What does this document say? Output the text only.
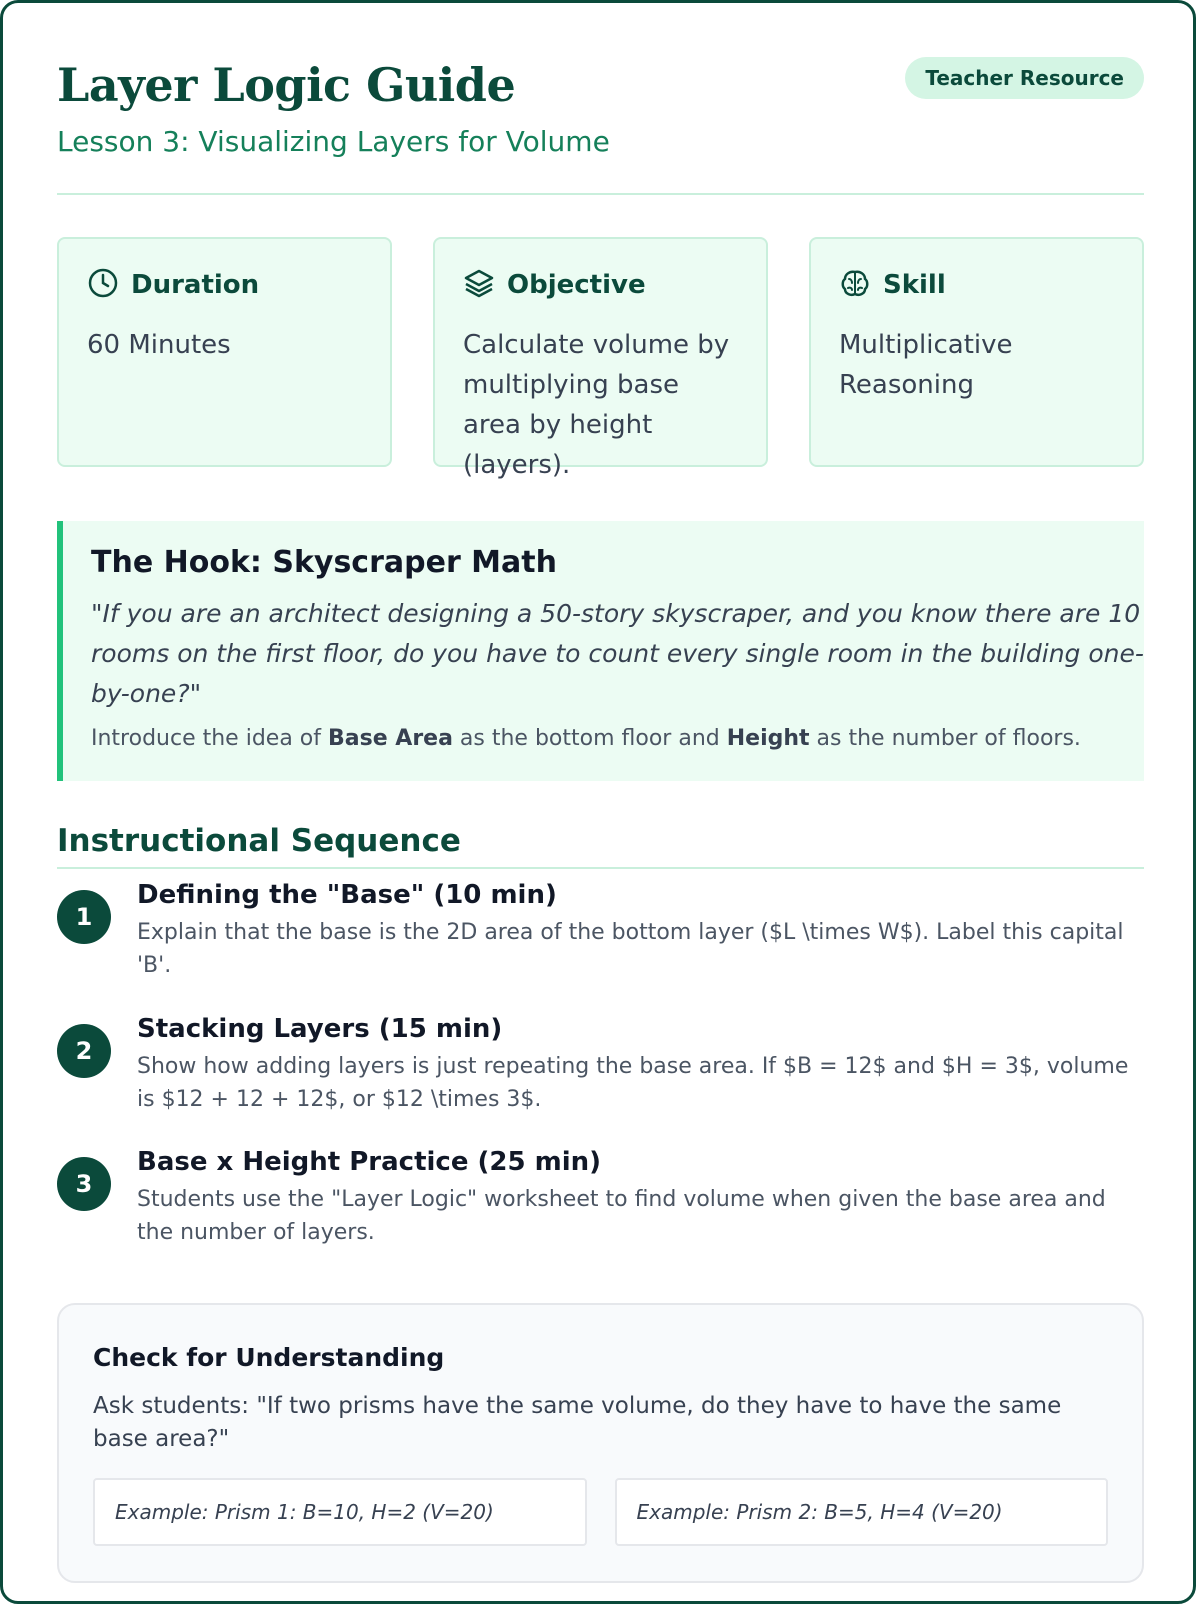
Layer Logic Guide
Lesson 3: Visualizing Layers for Volume
Teacher Resource
Duration
60 Minutes
Objective
Calculate volume by multiplying base area by height (layers).
Skill
Multiplicative Reasoning
The Hook: Skyscraper Math

"If you are an architect designing a 50-story skyscraper, and you know there are 10 rooms on the first floor, do you have to count every single room in the building one-by-one?"

Introduce the idea of Base Area as the bottom floor and Height as the number of floors.
Instructional Sequence
1
Defining the "Base" (10 min)

Explain that the base is the 2D area of the bottom layer ($L \times W$). Label this capital 'B'.

2
Stacking Layers (15 min)

Show how adding layers is just repeating the base area. If $B = 12$ and $H = 3$, volume is $12 + 12 + 12$, or $12 \times 3$.

3
Base x Height Practice (25 min)

Students use the "Layer Logic" worksheet to find volume when given the base area and the number of layers.

Check for Understanding

Ask students: "If two prisms have the same volume, do they have to have the same base area?"

Example: Prism 1: B=10, H=2 (V=20)	Example: Prism 2: B=5, H=4 (V=20)
